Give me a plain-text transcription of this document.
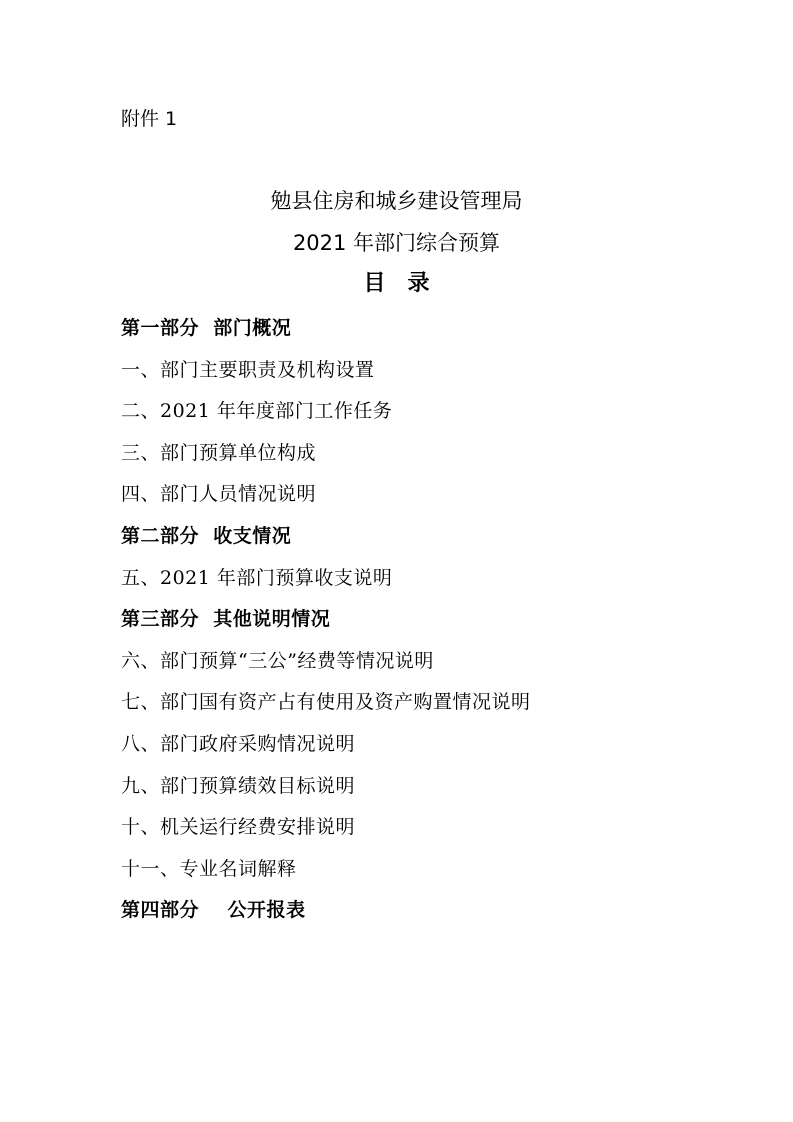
附件 1
勉县住房和城乡建设管理局
2021 年部门综合预算
目录
第一部分  部门概况
一、部门主要职责及机构设置
二、2021 年年度部门工作任务
三、部门预算单位构成
四、部门人员情况说明
第二部分  收支情况
五、2021 年部门预算收支说明
第三部分  其他说明情况
六、部门预算“三公”经费等情况说明
七、部门国有资产占有使用及资产购置情况说明
八、部门政府采购情况说明
九、部门预算绩效目标说明
十、机关运行经费安排说明
十一、专业名词解释
第四部分    公开报表
